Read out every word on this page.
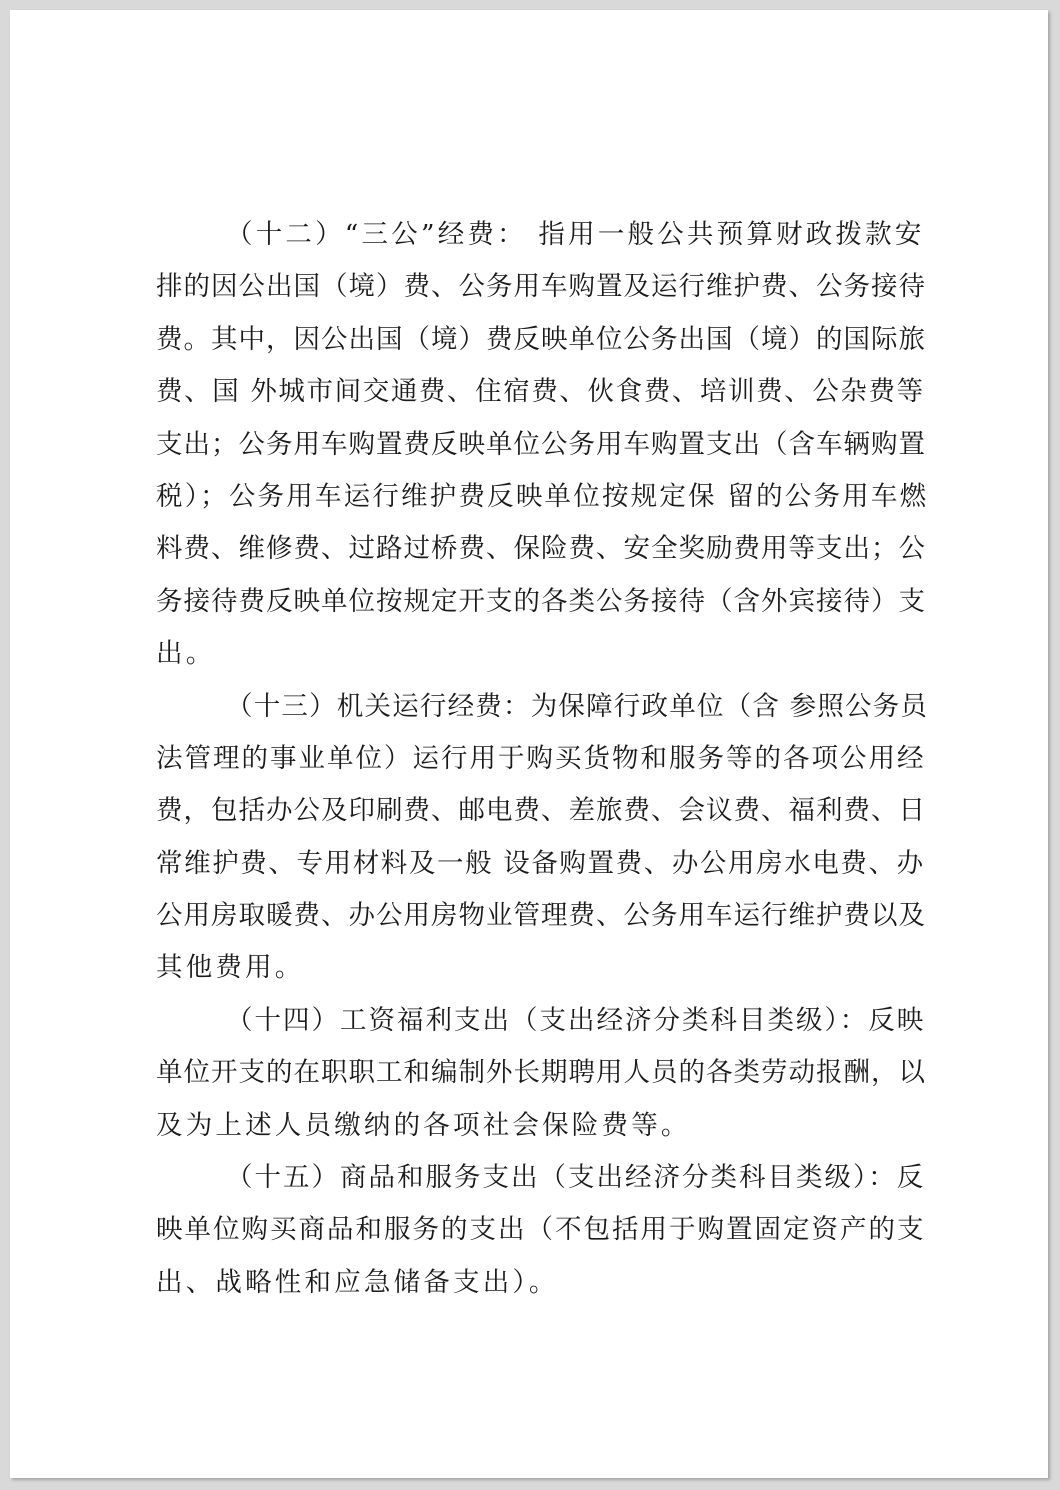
（十二）“三公”经费： 指用一般公共预算财政拨款安
排的因公出国（境）费、公务用车购置及运行维护费、公务接待
费。其中，因公出国（境）费反映单位公务出国（境）的国际旅
费、国 外城市间交通费、住宿费、伙食费、培训费、公杂费等
支出；公务用车购置费反映单位公务用车购置支出（含车辆购置
税）；公务用车运行维护费反映单位按规定保 留的公务用车燃
料费、维修费、过路过桥费、保险费、安全奖励费用等支出；公
务接待费反映单位按规定开支的各类公务接待（含外宾接待）支
出。
（十三）机关运行经费：为保障行政单位（含 参照公务员
法管理的事业单位）运行用于购买货物和服务等的各项公用经
费，包括办公及印刷费、邮电费、差旅费、会议费、福利费、日
常维护费、专用材料及一般 设备购置费、办公用房水电费、办
公用房取暖费、办公用房物业管理费、公务用车运行维护费以及
其他费用。
（十四）工资福利支出（支出经济分类科目类级）：反映
单位开支的在职职工和编制外长期聘用人员的各类劳动报酬，以
及为上述人员缴纳的各项社会保险费等。
（十五）商品和服务支出（支出经济分类科目类级）：反
映单位购买商品和服务的支出（不包括用于购置固定资产的支
出、战略性和应急储备支出）。
